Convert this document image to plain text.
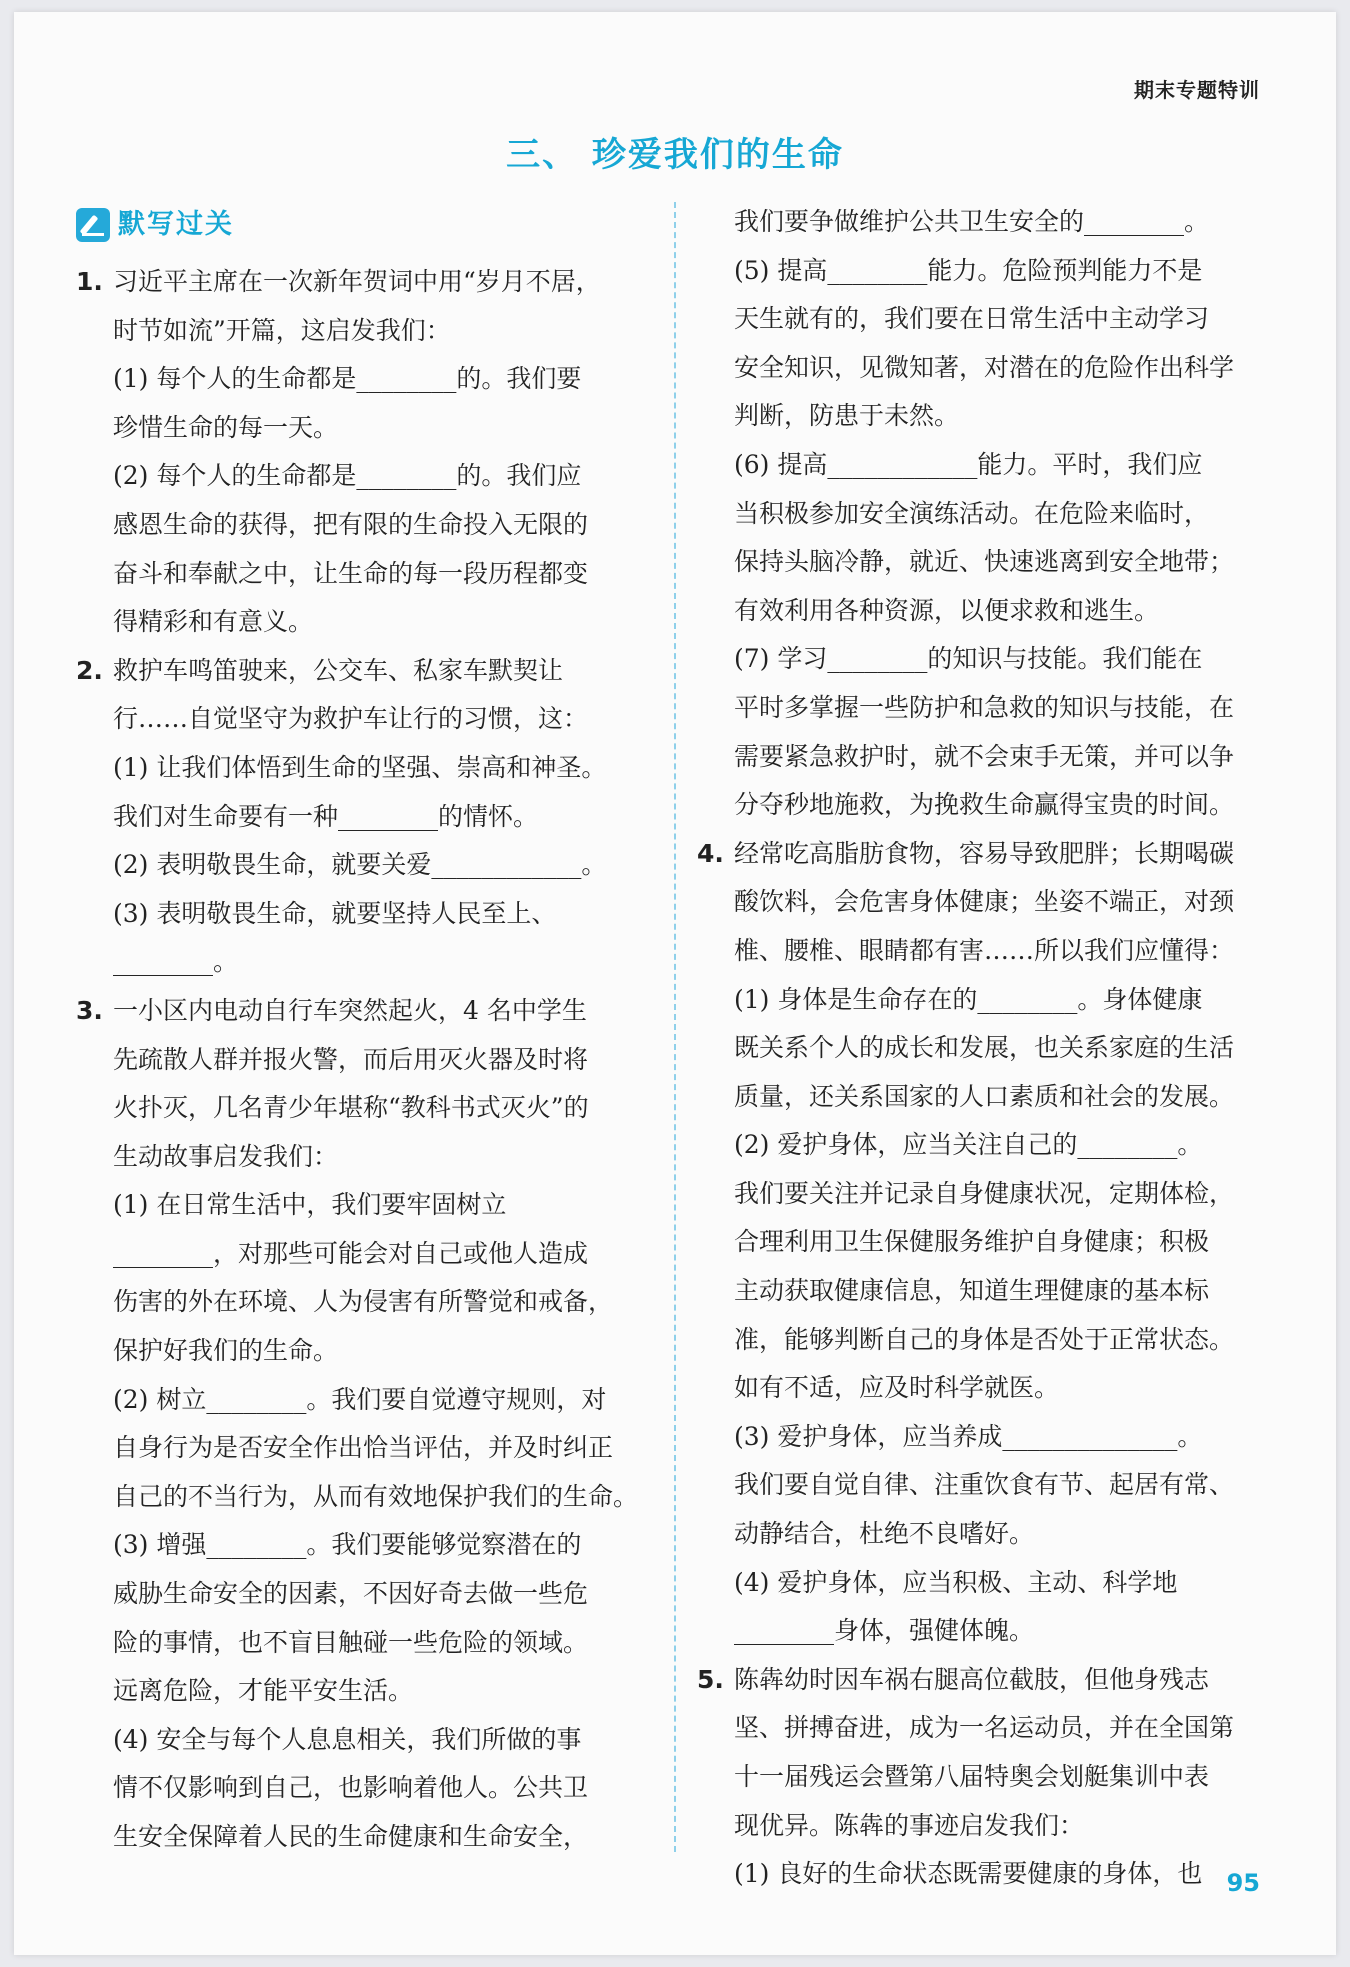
期末专题特训
三、 珍爱我们的生命
默写过关
1. 习近平主席在一次新年贺词中用“岁月不居，
时节如流”开篇，这启发我们：
(1) 每个人的生命都是________的。我们要
珍惜生命的每一天。
(2) 每个人的生命都是________的。我们应
感恩生命的获得，把有限的生命投入无限的
奋斗和奉献之中，让生命的每一段历程都变
得精彩和有意义。
2. 救护车鸣笛驶来，公交车、私家车默契让
行……自觉坚守为救护车让行的习惯，这：
(1) 让我们体悟到生命的坚强、崇高和神圣。
我们对生命要有一种________的情怀。
(2) 表明敬畏生命，就要关爱____________。
(3) 表明敬畏生命，就要坚持人民至上、
________。
3. 一小区内电动自行车突然起火，4 名中学生
先疏散人群并报火警，而后用灭火器及时将
火扑灭，几名青少年堪称“教科书式灭火”的
生动故事启发我们：
(1) 在日常生活中，我们要牢固树立
________，对那些可能会对自己或他人造成
伤害的外在环境、人为侵害有所警觉和戒备，
保护好我们的生命。
(2) 树立________。我们要自觉遵守规则，对
自身行为是否安全作出恰当评估，并及时纠正
自己的不当行为，从而有效地保护我们的生命。
(3) 增强________。我们要能够觉察潜在的
威胁生命安全的因素，不因好奇去做一些危
险的事情，也不盲目触碰一些危险的领域。
远离危险，才能平安生活。
(4) 安全与每个人息息相关，我们所做的事
情不仅影响到自己，也影响着他人。公共卫
生安全保障着人民的生命健康和生命安全，
我们要争做维护公共卫生安全的________。
(5) 提高________能力。危险预判能力不是
天生就有的，我们要在日常生活中主动学习
安全知识，见微知著，对潜在的危险作出科学
判断，防患于未然。
(6) 提高____________能力。平时，我们应
当积极参加安全演练活动。在危险来临时，
保持头脑冷静，就近、快速逃离到安全地带；
有效利用各种资源，以便求救和逃生。
(7) 学习________的知识与技能。我们能在
平时多掌握一些防护和急救的知识与技能，在
需要紧急救护时，就不会束手无策，并可以争
分夺秒地施救，为挽救生命赢得宝贵的时间。
4. 经常吃高脂肪食物，容易导致肥胖；长期喝碳
酸饮料，会危害身体健康；坐姿不端正，对颈
椎、腰椎、眼睛都有害……所以我们应懂得：
(1) 身体是生命存在的________。身体健康
既关系个人的成长和发展，也关系家庭的生活
质量，还关系国家的人口素质和社会的发展。
(2) 爱护身体，应当关注自己的________。
我们要关注并记录自身健康状况，定期体检，
合理利用卫生保健服务维护自身健康；积极
主动获取健康信息，知道生理健康的基本标
准，能够判断自己的身体是否处于正常状态。
如有不适，应及时科学就医。
(3) 爱护身体，应当养成______________。
我们要自觉自律、注重饮食有节、起居有常、
动静结合，杜绝不良嗜好。
(4) 爱护身体，应当积极、主动、科学地
________身体，强健体魄。
5. 陈犇幼时因车祸右腿高位截肢，但他身残志
坚、拼搏奋进，成为一名运动员，并在全国第
十一届残运会暨第八届特奥会划艇集训中表
现优异。陈犇的事迹启发我们：
(1) 良好的生命状态既需要健康的身体，也	95
